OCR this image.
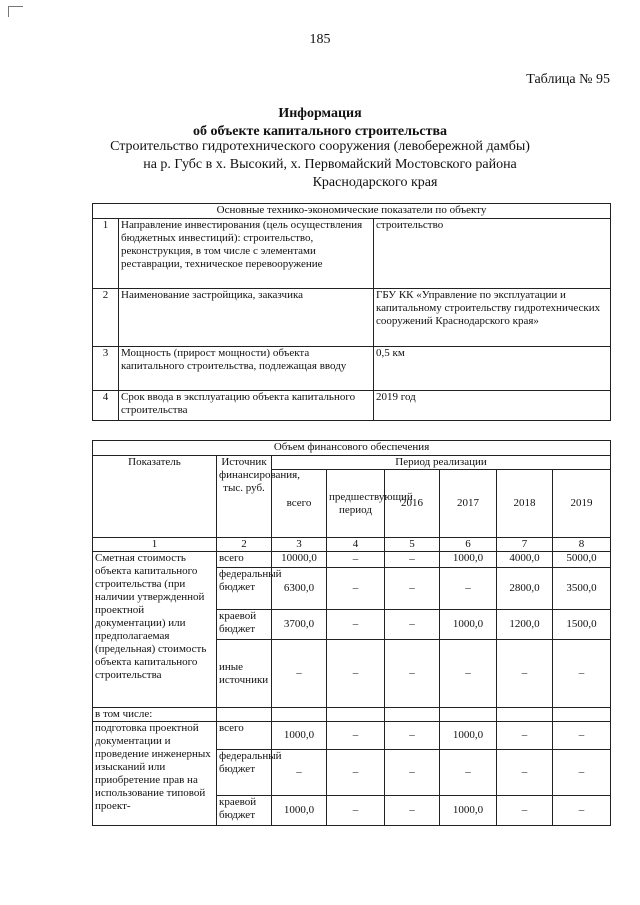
185
Таблица № 95
Информация
об объекте капитального строительства
Строительство гидротехнического сооружения (левобережной дамбы)
на р. Губс в х. Высокий, х. Первомайский Мостовского района
Краснодарского края
Основные технико-экономические показатели по объекту		
1	Направление инвестирования (цель осуществления бюджетных инвестиций): строительство, реконструкция, в том числе с элементами реставрации, техническое перевооружение	строительство
2	Наименование застройщика, заказчика	ГБУ КК «Управление по эксплуатации и капитальному строительству гидротехнических сооружений Краснодарского края»
3	Мощность (прирост мощности) объекта капитального строительства, подлежащая вводу	0,5 км
4	Срок ввода в эксплуатацию объекта капитального строительства	2019 год
Объем финансового обеспечения							
Показатель	Источник финансирования, тыс. руб.	Период реализации					
		всего	предшествующий период	2016	2017	2018	2019
1	2	3	4	5	6	7	8
Сметная стоимость объекта капитального строительства (при наличии утвержденной проектной документации) или предполагаемая (предельная) стоимость объекта капитального строительства	всего	10000,0	–	–	1000,0	4000,0	5000,0
	федеральный бюджет	6300,0	–	–	–	2800,0	3500,0
	краевой бюджет	3700,0	–	–	1000,0	1200,0	1500,0
	иные источники	–	–	–	–	–	–
в том числе:							
подготовка проектной документации и проведение инженерных изысканий или приобретение прав на использование типовой проект-	всего	1000,0	–	–	1000,0	–	–
	федеральный бюджет	–	–	–	–	–	–
	краевой бюджет	1000,0	–	–	1000,0	–	–
